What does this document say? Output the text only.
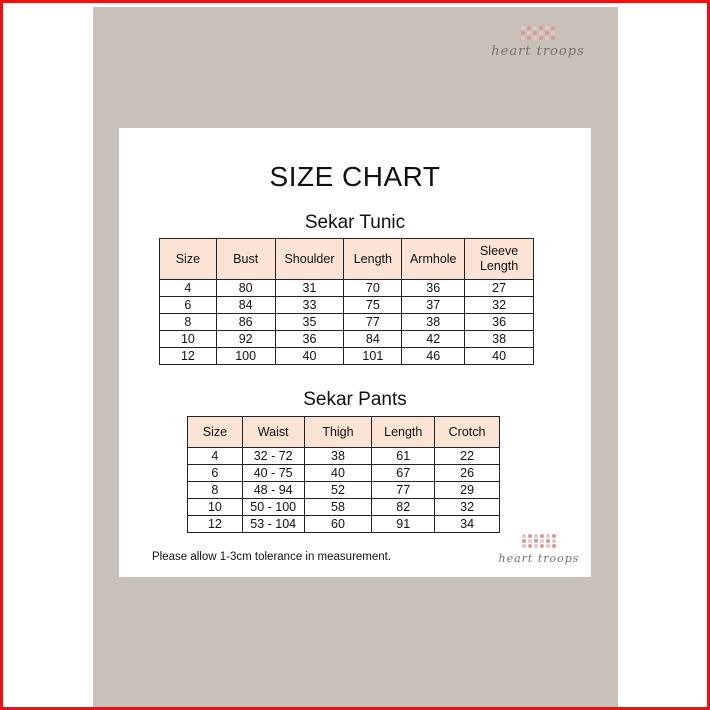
heart troops
SIZE CHART
Sekar Tunic
Size	Bust	Shoulder	Length	Armhole	Sleeve Length
4	80	31	70	36	27
6	84	33	75	37	32
8	86	35	77	38	36
10	92	36	84	42	38
12	100	40	101	46	40
Sekar Pants
Size	Waist	Thigh	Length	Crotch
4	32 - 72	38	61	22
6	40 - 75	40	67	26
8	48 - 94	52	77	29
10	50 - 100	58	82	32
12	53 - 104	60	91	34
Please allow 1-3cm tolerance in measurement.	heart troops
